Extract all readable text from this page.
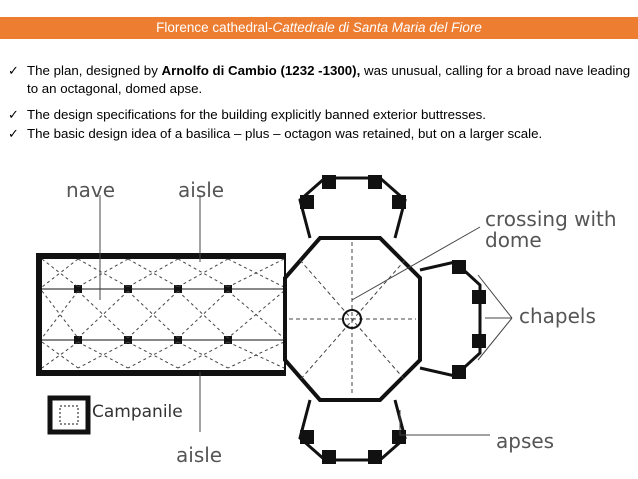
Florence cathedral-Cattedrale di Santa Maria del Fiore
✓ The plan, designed by Arnolfo di Cambio (1232 -1300), was unusual, calling for a broad nave leading to an octagonal, domed apse.
✓ The design specifications for the building explicitly banned exterior buttresses.
✓ The basic design idea of a basilica – plus – octagon was retained, but on a larger scale.
nave	aisle
crossing with
dome
chapels
Campanile
aisle
apses
